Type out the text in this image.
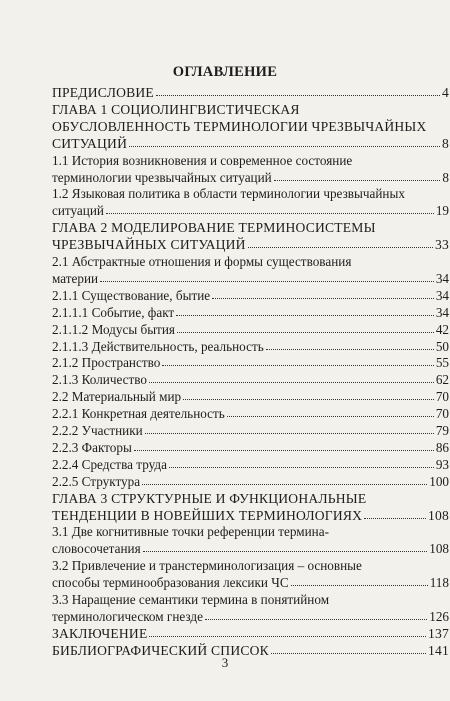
ОГЛАВЛЕНИЕ
ПРЕДИСЛОВИЕ	4
ГЛАВА 1 СОЦИОЛИНГВИСТИЧЕСКАЯ
ОБУСЛОВЛЕННОСТЬ ТЕРМИНОЛОГИИ ЧРЕЗВЫЧАЙНЫХ
СИТУАЦИЙ	8
1.1 История возникновения и современное состояние
терминологии чрезвычайных ситуаций	8
1.2 Языковая политика в области терминологии чрезвычайных
ситуаций	19
ГЛАВА 2 МОДЕЛИРОВАНИЕ ТЕРМИНОСИСТЕМЫ
ЧРЕЗВЫЧАЙНЫХ СИТУАЦИЙ	33
2.1 Абстрактные отношения и формы существования
материи	34
2.1.1 Существование, бытие	34
2.1.1.1 Событие, факт	34
2.1.1.2 Модусы бытия	42
2.1.1.3 Действительность, реальность	50
2.1.2 Пространство	55
2.1.3 Количество	62
2.2 Материальный мир	70
2.2.1 Конкретная деятельность	70
2.2.2 Участники	79
2.2.3 Факторы	86
2.2.4 Средства труда	93
2.2.5 Структура	100
ГЛАВА 3 СТРУКТУРНЫЕ И ФУНКЦИОНАЛЬНЫЕ
ТЕНДЕНЦИИ В НОВЕЙШИХ ТЕРМИНОЛОГИЯХ	108
3.1 Две когнитивные точки референции термина-
словосочетания	108
3.2 Привлечение и транстерминологизация – основные
способы терминообразования лексики ЧС	118
3.3 Наращение семантики термина в понятийном
терминологическом гнезде	126
ЗАКЛЮЧЕНИЕ	137
БИБЛИОГРАФИЧЕСКИЙ СПИСОК	141
3
